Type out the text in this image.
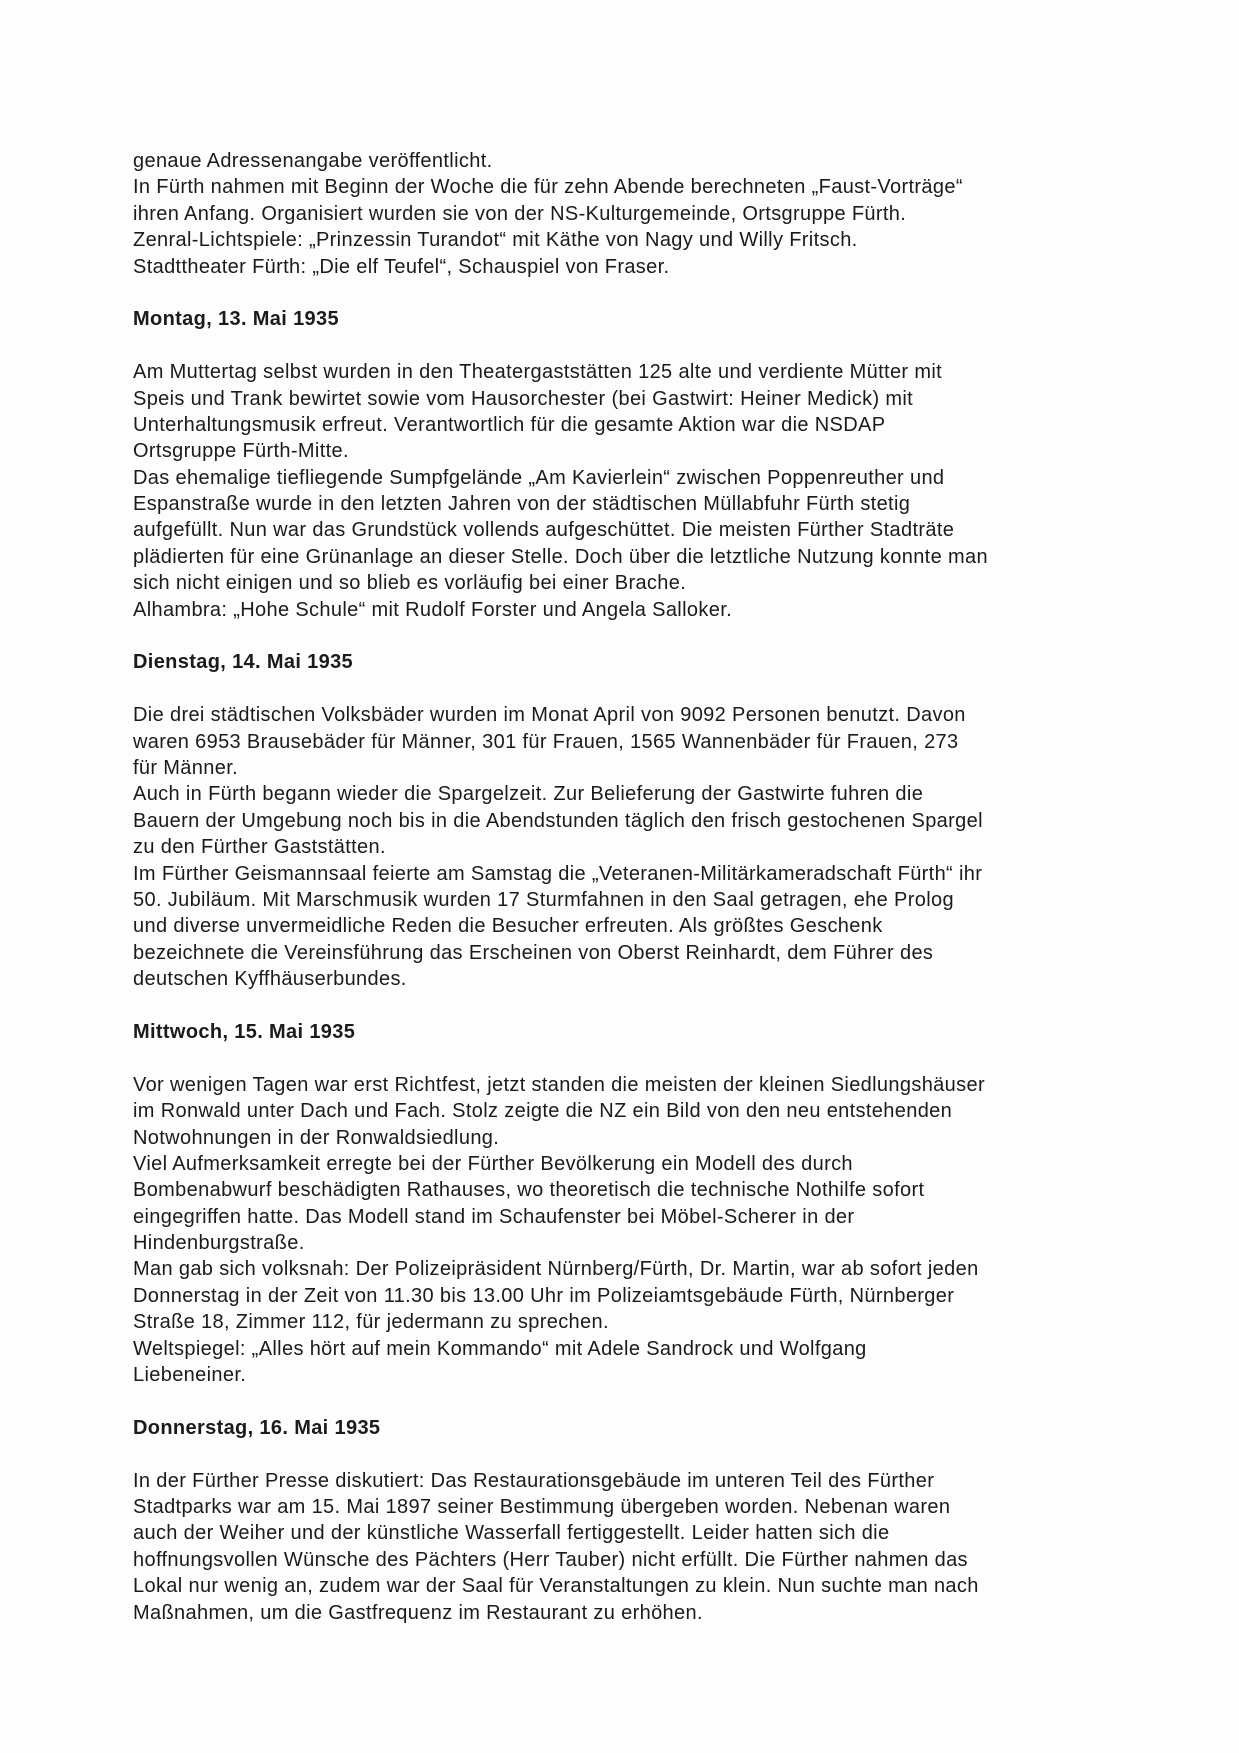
genaue Adressenangabe veröffentlicht.
In Fürth nahmen mit Beginn der Woche die für zehn Abende berechneten „Faust-Vorträge“
ihren Anfang. Organisiert wurden sie von der NS-Kulturgemeinde, Ortsgruppe Fürth.
Zenral-Lichtspiele: „Prinzessin Turandot“ mit Käthe von Nagy und Willy Fritsch.
Stadttheater Fürth: „Die elf Teufel“, Schauspiel von Fraser.
Montag, 13. Mai 1935
Am Muttertag selbst wurden in den Theatergaststätten 125 alte und verdiente Mütter mit
Speis und Trank bewirtet sowie vom Hausorchester (bei Gastwirt: Heiner Medick) mit
Unterhaltungsmusik erfreut. Verantwortlich für die gesamte Aktion war die NSDAP
Ortsgruppe Fürth-Mitte.
Das ehemalige tiefliegende Sumpfgelände „Am Kavierlein“ zwischen Poppenreuther und
Espanstraße wurde in den letzten Jahren von der städtischen Müllabfuhr Fürth stetig
aufgefüllt. Nun war das Grundstück vollends aufgeschüttet. Die meisten Fürther Stadträte
plädierten für eine Grünanlage an dieser Stelle. Doch über die letztliche Nutzung konnte man
sich nicht einigen und so blieb es vorläufig bei einer Brache.
Alhambra: „Hohe Schule“ mit Rudolf Forster und Angela Salloker.
Dienstag, 14. Mai 1935
Die drei städtischen Volksbäder wurden im Monat April von 9092 Personen benutzt. Davon
waren 6953 Brausebäder für Männer, 301 für Frauen, 1565 Wannenbäder für Frauen, 273
für Männer.
Auch in Fürth begann wieder die Spargelzeit. Zur Belieferung der Gastwirte fuhren die
Bauern der Umgebung noch bis in die Abendstunden täglich den frisch gestochenen Spargel
zu den Fürther Gaststätten.
Im Fürther Geismannsaal feierte am Samstag die „Veteranen-Militärkameradschaft Fürth“ ihr
50. Jubiläum. Mit Marschmusik wurden 17 Sturmfahnen in den Saal getragen, ehe Prolog
und diverse unvermeidliche Reden die Besucher erfreuten. Als größtes Geschenk
bezeichnete die Vereinsführung das Erscheinen von Oberst Reinhardt, dem Führer des
deutschen Kyffhäuserbundes.
Mittwoch, 15. Mai 1935
Vor wenigen Tagen war erst Richtfest, jetzt standen die meisten der kleinen Siedlungshäuser
im Ronwald unter Dach und Fach. Stolz zeigte die NZ ein Bild von den neu entstehenden
Notwohnungen in der Ronwaldsiedlung.
Viel Aufmerksamkeit erregte bei der Fürther Bevölkerung ein Modell des durch
Bombenabwurf beschädigten Rathauses, wo theoretisch die technische Nothilfe sofort
eingegriffen hatte. Das Modell stand im Schaufenster bei Möbel-Scherer in der
Hindenburgstraße.
Man gab sich volksnah: Der Polizeipräsident Nürnberg/Fürth, Dr. Martin, war ab sofort jeden
Donnerstag in der Zeit von 11.30 bis 13.00 Uhr im Polizeiamtsgebäude Fürth, Nürnberger
Straße 18, Zimmer 112, für jedermann zu sprechen.
Weltspiegel: „Alles hört auf mein Kommando“ mit Adele Sandrock und Wolfgang
Liebeneiner.
Donnerstag, 16. Mai 1935
In der Fürther Presse diskutiert: Das Restaurationsgebäude im unteren Teil des Fürther
Stadtparks war am 15. Mai 1897 seiner Bestimmung übergeben worden. Nebenan waren
auch der Weiher und der künstliche Wasserfall fertiggestellt. Leider hatten sich die
hoffnungsvollen Wünsche des Pächters (Herr Tauber) nicht erfüllt. Die Fürther nahmen das
Lokal nur wenig an, zudem war der Saal für Veranstaltungen zu klein. Nun suchte man nach
Maßnahmen, um die Gastfrequenz im Restaurant zu erhöhen.
